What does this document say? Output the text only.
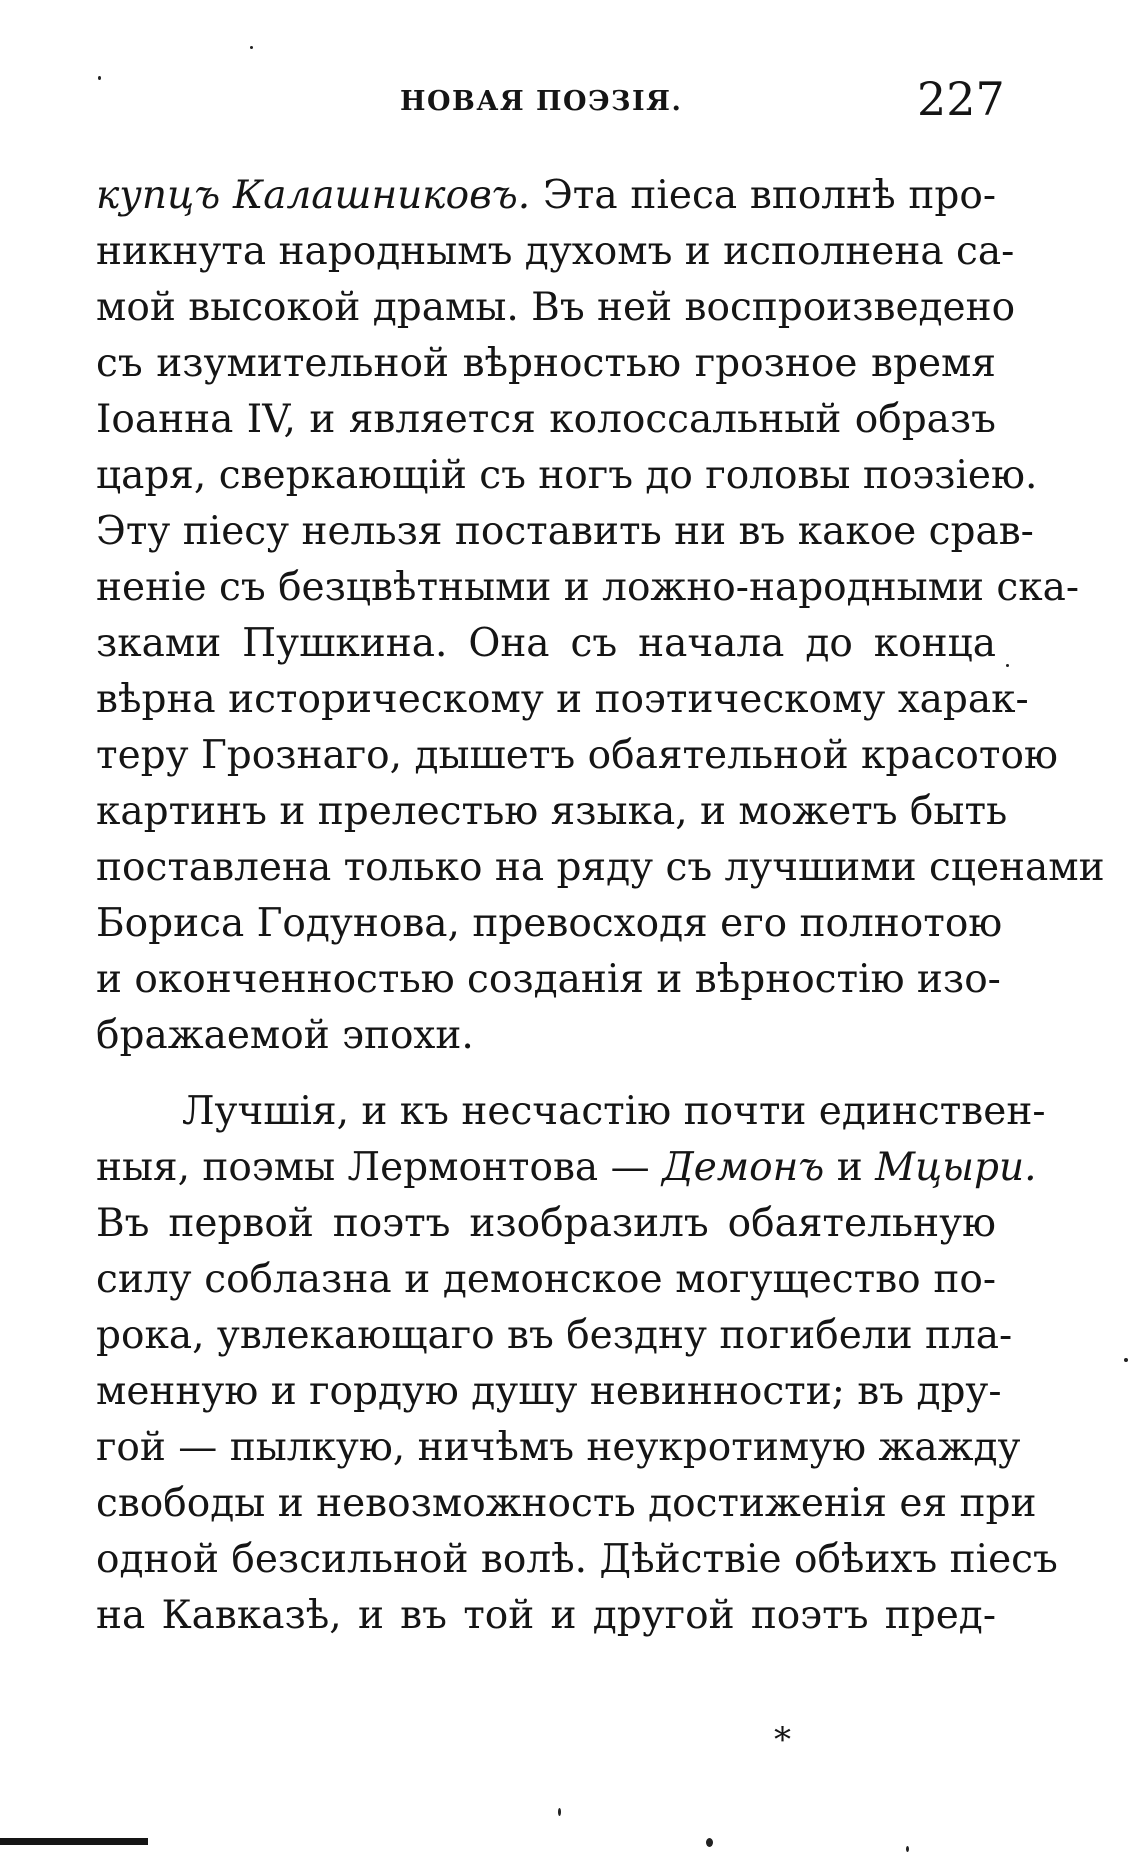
НОВАЯ ПОЭЗІЯ.	227
купцъ Калашниковъ. Эта піеса вполнѣ про-
никнута народнымъ духомъ и исполнена са-
мой высокой драмы. Въ ней воспроизведено
съ изумительной вѣрностью грозное время
Іоанна IV, и является колоссальный образъ
царя, сверкающій съ ногъ до головы поэзіею.
Эту піесу нельзя поставить ни въ какое срав-
неніе съ безцвѣтными и ложно-народными ска-
зками Пушкина. Она съ начала до конца
вѣрна историческому и поэтическому харак-
теру Грознаго, дышетъ обаятельной красотою
картинъ и прелестью языка, и можетъ быть
поставлена только на ряду съ лучшими сценами
Бориса Годунова, превосходя его полнотою
и оконченностью созданія и вѣрностію изо-
бражаемой эпохи.
Лучшія, и къ несчастію почти единствен-
ныя, поэмы Лермонтова — Демонъ и Мцыри.
Въ первой поэтъ изобразилъ обаятельную
силу соблазна и демонское могущество по-
рока, увлекающаго въ бездну погибели пла-
менную и гордую душу невинности; въ дру-
гой — пылкую, ничѣмъ неукротимую жажду
свободы и невозможность достиженія ея при
одной безсильной волѣ. Дѣйствіе обѣихъ піесъ
на Кавказѣ, и въ той и другой поэтъ пред-
*
